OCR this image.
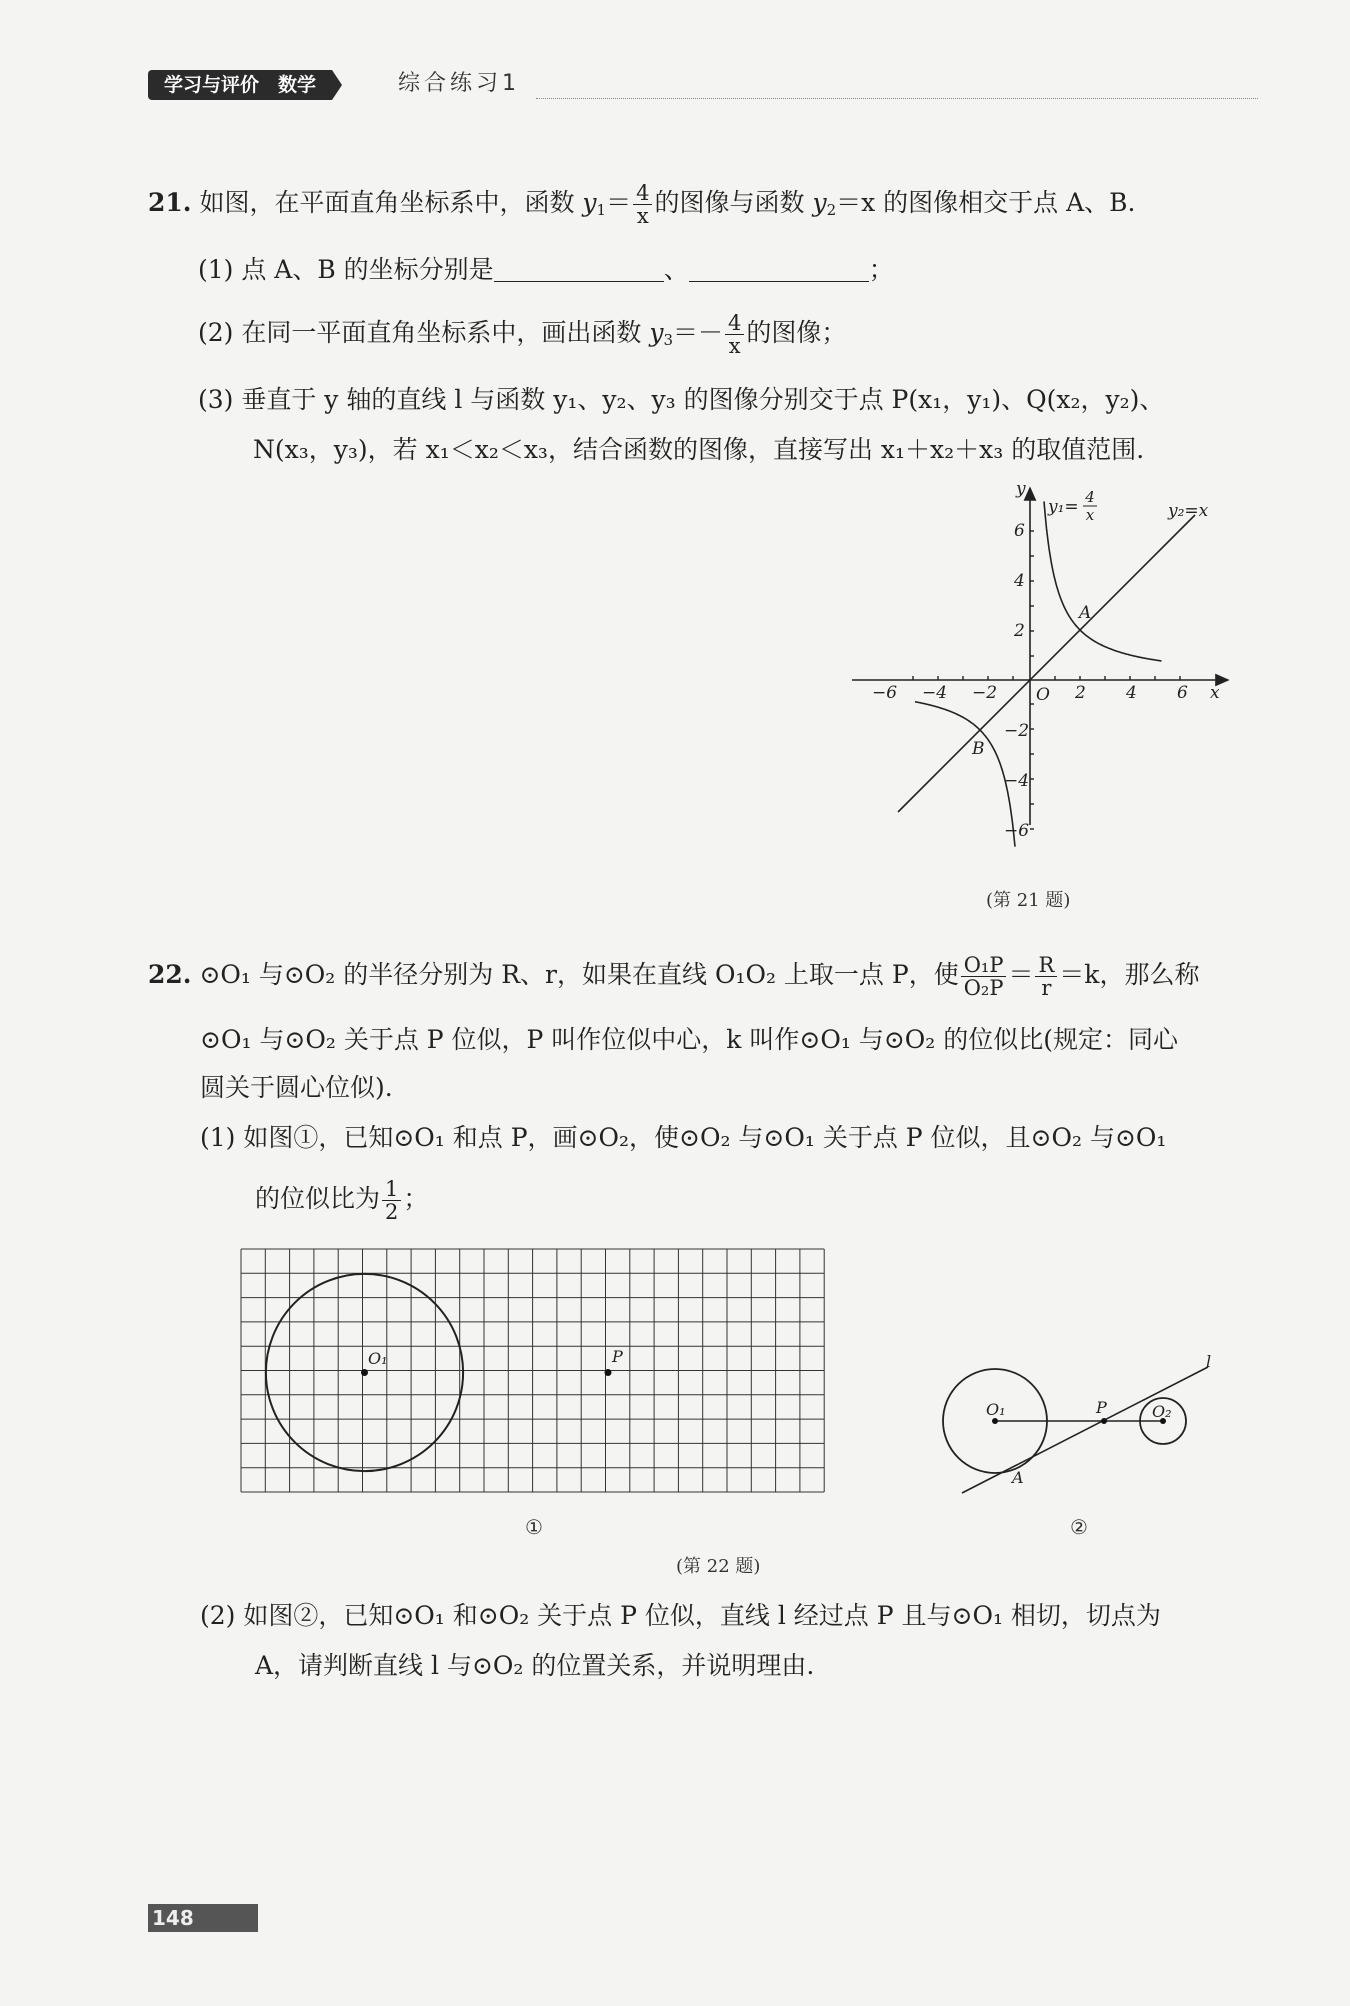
学习与评价　数学	综合练习1
21. 如图，在平面直角坐标系中，函数 $y_1= \frac{4}{x}$ 的图像与函数 $y_2=x$ 的图像相交于点 A、B.
(1) 点 A、B 的坐标分别是	、	；
(2) 在同一平面直角坐标系中，画出函数 $y_3=- \frac{4}{x}$ 的图像；
(3) 垂直于 y 轴的直线 l 与函数 y₁、y₂、y₃ 的图像分别交于点 P(x₁，y₁)、Q(x₂，y₂)、
N(x₃，y₃)，若 x₁＜x₂＜x₃，结合函数的图像，直接写出 x₁＋x₂＋x₃ 的取值范围.
−6 −4 −2	2 4 6
6
4
2
−2
−4
−6
O	x
y
A
B
y₂=x
y₁= 4
x
(第 21 题)
22. ⊙O₁ 与⊙O₂ 的半径分别为 R、r，如果在直线 O₁O₂ 上取一点 P，使 $\frac{\text{O₁P}}{\text{O₂P}} = \frac{R}{r} =k$，那么称
⊙O₁ 与⊙O₂ 关于点 P 位似，P 叫作位似中心，k 叫作⊙O₁ 与⊙O₂ 的位似比(规定：同心
圆关于圆心位似).
(1) 如图①，已知⊙O₁ 和点 P，画⊙O₂，使⊙O₂ 与⊙O₁ 关于点 P 位似，且⊙O₂ 与⊙O₁
的位似比为 $\frac{1}{2}$ ；
O₁	P
O₁	O₂
P
A
l
①	②
(第 22 题)
(2) 如图②，已知⊙O₁ 和⊙O₂ 关于点 P 位似，直线 l 经过点 P 且与⊙O₁ 相切，切点为
A，请判断直线 l 与⊙O₂ 的位置关系，并说明理由.
148
